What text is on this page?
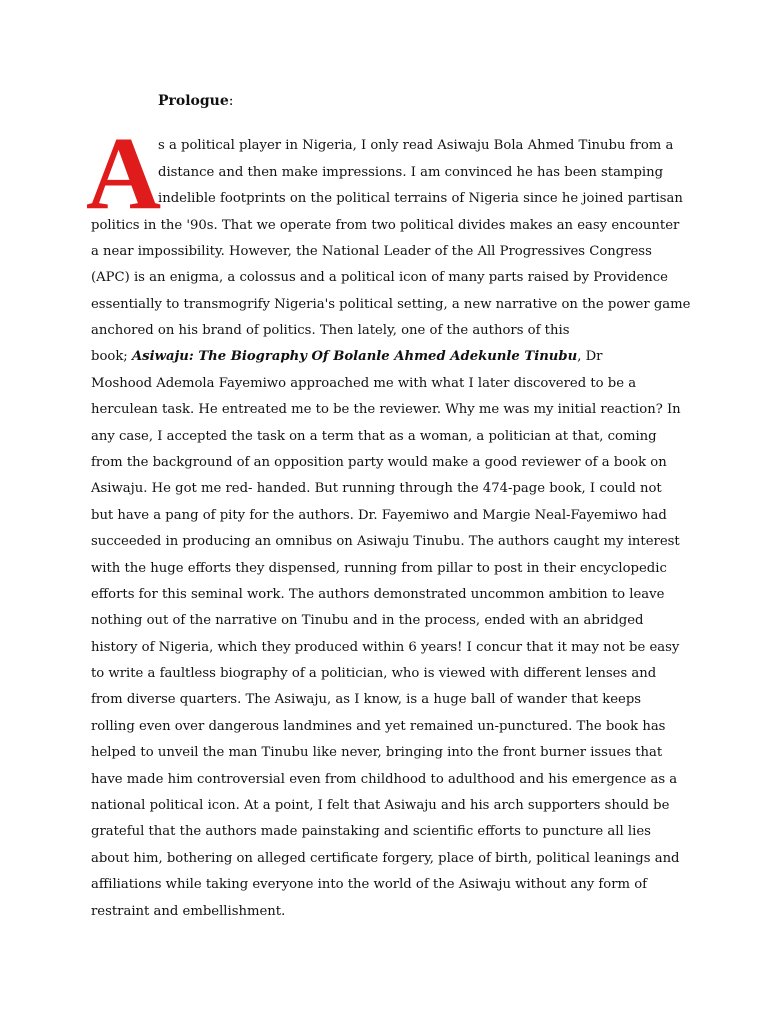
Prologue:
A
s a political player in Nigeria, I only read Asiwaju Bola Ahmed Tinubu from a
distance and then make impressions. I am convinced he has been stamping
indelible footprints on the political terrains of Nigeria since he joined partisan
politics in the '90s. That we operate from two political divides makes an easy encounter
a near impossibility. However, the National Leader of the All Progressives Congress
(APC) is an enigma, a colossus and a political icon of many parts raised by Providence
essentially to transmogrify Nigeria's political setting, a new narrative on the power game
anchored on his brand of politics. Then lately, one of the authors of this
book; Asiwaju: The Biography Of Bolanle Ahmed Adekunle Tinubu, Dr
Moshood Ademola Fayemiwo approached me with what I later discovered to be a
herculean task. He entreated me to be the reviewer. Why me was my initial reaction? In
any case, I accepted the task on a term that as a woman, a politician at that, coming
from the background of an opposition party would make a good reviewer of a book on
Asiwaju. He got me red- handed. But running through the 474-page book, I could not
but have a pang of pity for the authors. Dr. Fayemiwo and Margie Neal-Fayemiwo had
succeeded in producing an omnibus on Asiwaju Tinubu. The authors caught my interest
with the huge efforts they dispensed, running from pillar to post in their encyclopedic
efforts for this seminal work. The authors demonstrated uncommon ambition to leave
nothing out of the narrative on Tinubu and in the process, ended with an abridged
history of Nigeria, which they produced within 6 years! I concur that it may not be easy
to write a faultless biography of a politician, who is viewed with different lenses and
from diverse quarters. The Asiwaju, as I know, is a huge ball of wander that keeps
rolling even over dangerous landmines and yet remained un-punctured. The book has
helped to unveil the man Tinubu like never, bringing into the front burner issues that
have made him controversial even from childhood to adulthood and his emergence as a
national political icon. At a point, I felt that Asiwaju and his arch supporters should be
grateful that the authors made painstaking and scientific efforts to puncture all lies
about him, bothering on alleged certificate forgery, place of birth, political leanings and
affiliations while taking everyone into the world of the Asiwaju without any form of
restraint and embellishment.
